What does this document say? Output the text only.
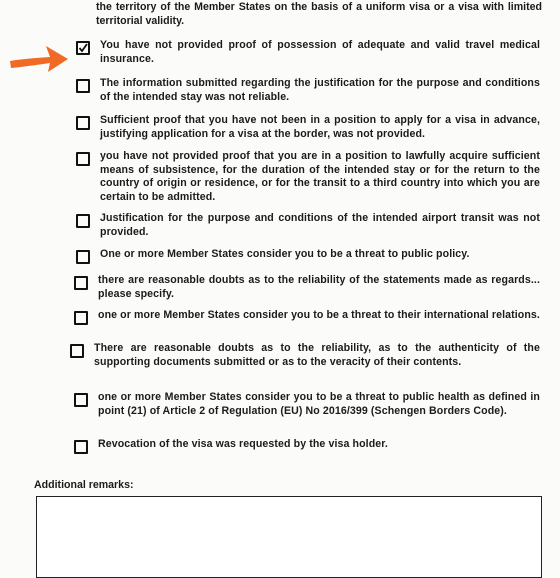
the territory of the Member States on the basis of a uniform visa or a visa with limited territorial validity.
You have not provided proof of possession of adequate and valid travel medical insurance.
The information submitted regarding the justification for the purpose and conditions of the intended stay was not reliable.
Sufficient proof that you have not been in a position to apply for a visa in advance, justifying application for a visa at the border, was not provided.
you have not provided proof that you are in a position to lawfully acquire sufficient means of subsistence, for the duration of the intended stay or for the return to the country of origin or residence, or for the transit to a third country into which you are certain to be admitted.
Justification for the purpose and conditions of the intended airport transit was not provided.
One or more Member States consider you to be a threat to public policy.
there are reasonable doubts as to the reliability of the statements made as regards... please specify.
one or more Member States consider you to be a threat to their international relations.
There are reasonable doubts as to the reliability, as to the authenticity of the supporting documents submitted or as to the veracity of their contents.
one or more Member States consider you to be a threat to public health as defined in point (21) of Article 2 of Regulation (EU) No 2016/399 (Schengen Borders Code).
Revocation of the visa was requested by the visa holder.
Additional remarks:
